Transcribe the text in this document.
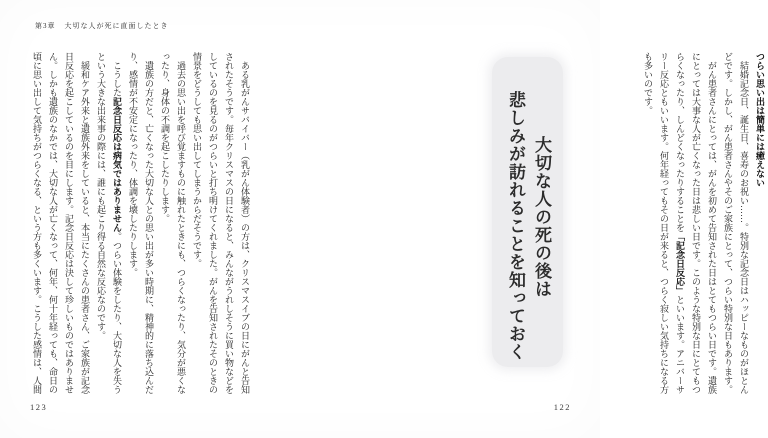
第3章 大切な人が死に直面したとき
　ある乳がんサバイバー（乳がん体験者）の方は、クリスマスイブの日にがんと告知
されたそうです。毎年クリスマスの日になると、みんながうれしそうに買い物などを
しているのを見るのがつらいと打ち明けてくれました。がんを告知されたそのときの
情景をどうしても思い出してしまうからだそうです。
　過去の思い出を呼び覚ますものに触れたときにも、つらくなったり、気分が悪くな
ったり、身体の不調を起こしたりします。
　遺族の方だと、亡くなった大切な人との思い出が多い時期に、精神的に落ち込んだ
り、感情が不安定になったり、体調を壊したりします。
　こうした記念日反応は病気ではありません。つらい体験をしたり、大切な人を失う
という大きな出来事の際には、誰にも起こり得る自然な反応なのです。
　緩和ケア外来と遺族外来をしていると、本当にたくさんの患者さん、ご家族が記念
日反応を起こしているのを目にします。記念日反応は決して珍しいものではありませ
ん。しかも遺族のなかでは、大切な人が亡くなって、何年、何十年経っても、命日の
頃に思い出して気持ちがつらくなる、という方も多くいます。こうした感情は、人間
123
大切な人の死の後は
悲しみが訪れることを知っておく	つらい思い出は簡単には癒えない
　結婚記念日、誕生日、喜寿のお祝い……。特別な記念日はハッピーなものがほとん
どです。しかし、がん患者さんやそのご家族にとって、つらい特別な日もあります。
　がん患者さんにとっては、がんを初めて告知された日はとてもつらい日です。遺族
にとっては大事な人が亡くなった日は悲しい日です。このような特別な日にとてもつ
らくなったり、しんどくなったりすることを「記念日反応」といいます。アニバーサ
リー反応ともいいます。何年経ってもその日が来ると、つらく寂しい気持ちになる方
も多いのです。
122
